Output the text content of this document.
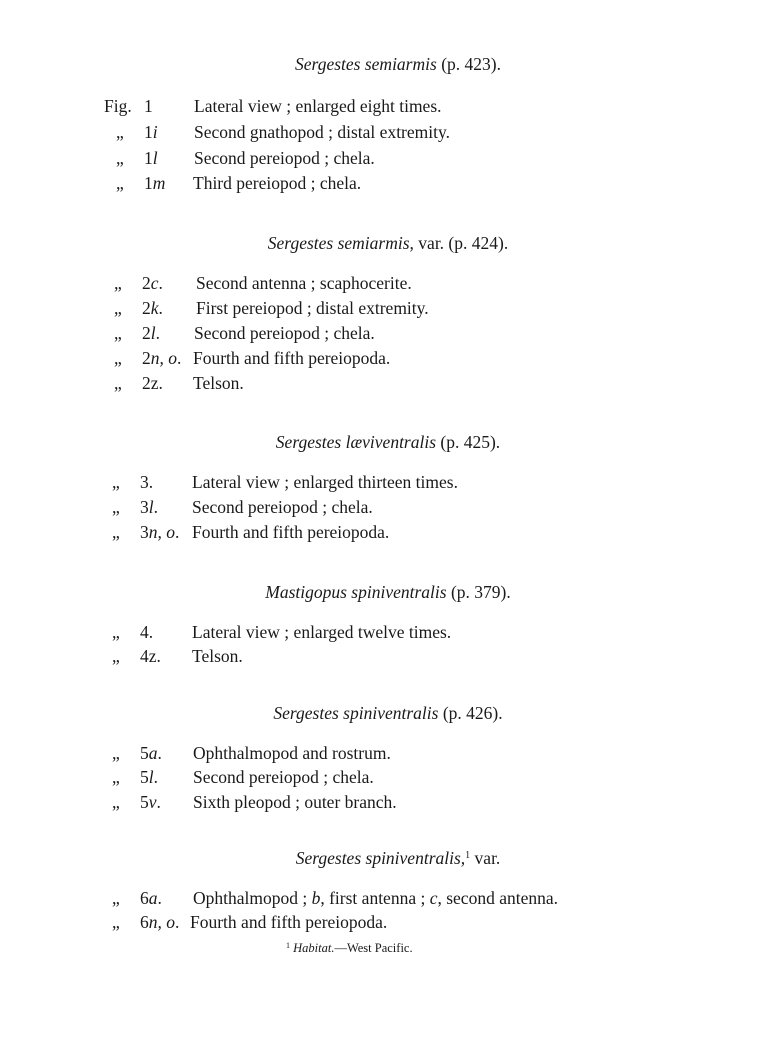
Sergestes semiarmis (p. 423).
Fig. 1 Lateral view ; enlarged eight times.
„ 1i Second gnathopod ; distal extremity.
„ 1l Second pereiopod ; chela.
„ 1m Third pereiopod ; chela.
Sergestes semiarmis, var. (p. 424).
„ 2c. Second antenna ; scaphocerite.
„ 2k. First pereiopod ; distal extremity.
„ 2l. Second pereiopod ; chela.
„ 2n, o. Fourth and fifth pereiopoda.
„ 2z. Telson.
Sergestes læviventralis (p. 425).
„ 3. Lateral view ; enlarged thirteen times.
„ 3l. Second pereiopod ; chela.
„ 3n, o. Fourth and fifth pereiopoda.
Mastigopus spiniventralis (p. 379).
„ 4. Lateral view ; enlarged twelve times.
„ 4z. Telson.
Sergestes spiniventralis (p. 426).
„ 5a. Ophthalmopod and rostrum.
„ 5l. Second pereiopod ; chela.
„ 5v. Sixth pleopod ; outer branch.
Sergestes spiniventralis,$^1$ var.
„ 6a. Ophthalmopod ; b, first antenna ; c, second antenna.
„ 6n, o. Fourth and fifth pereiopoda.
$^1$ Habitat.—West Pacific.
